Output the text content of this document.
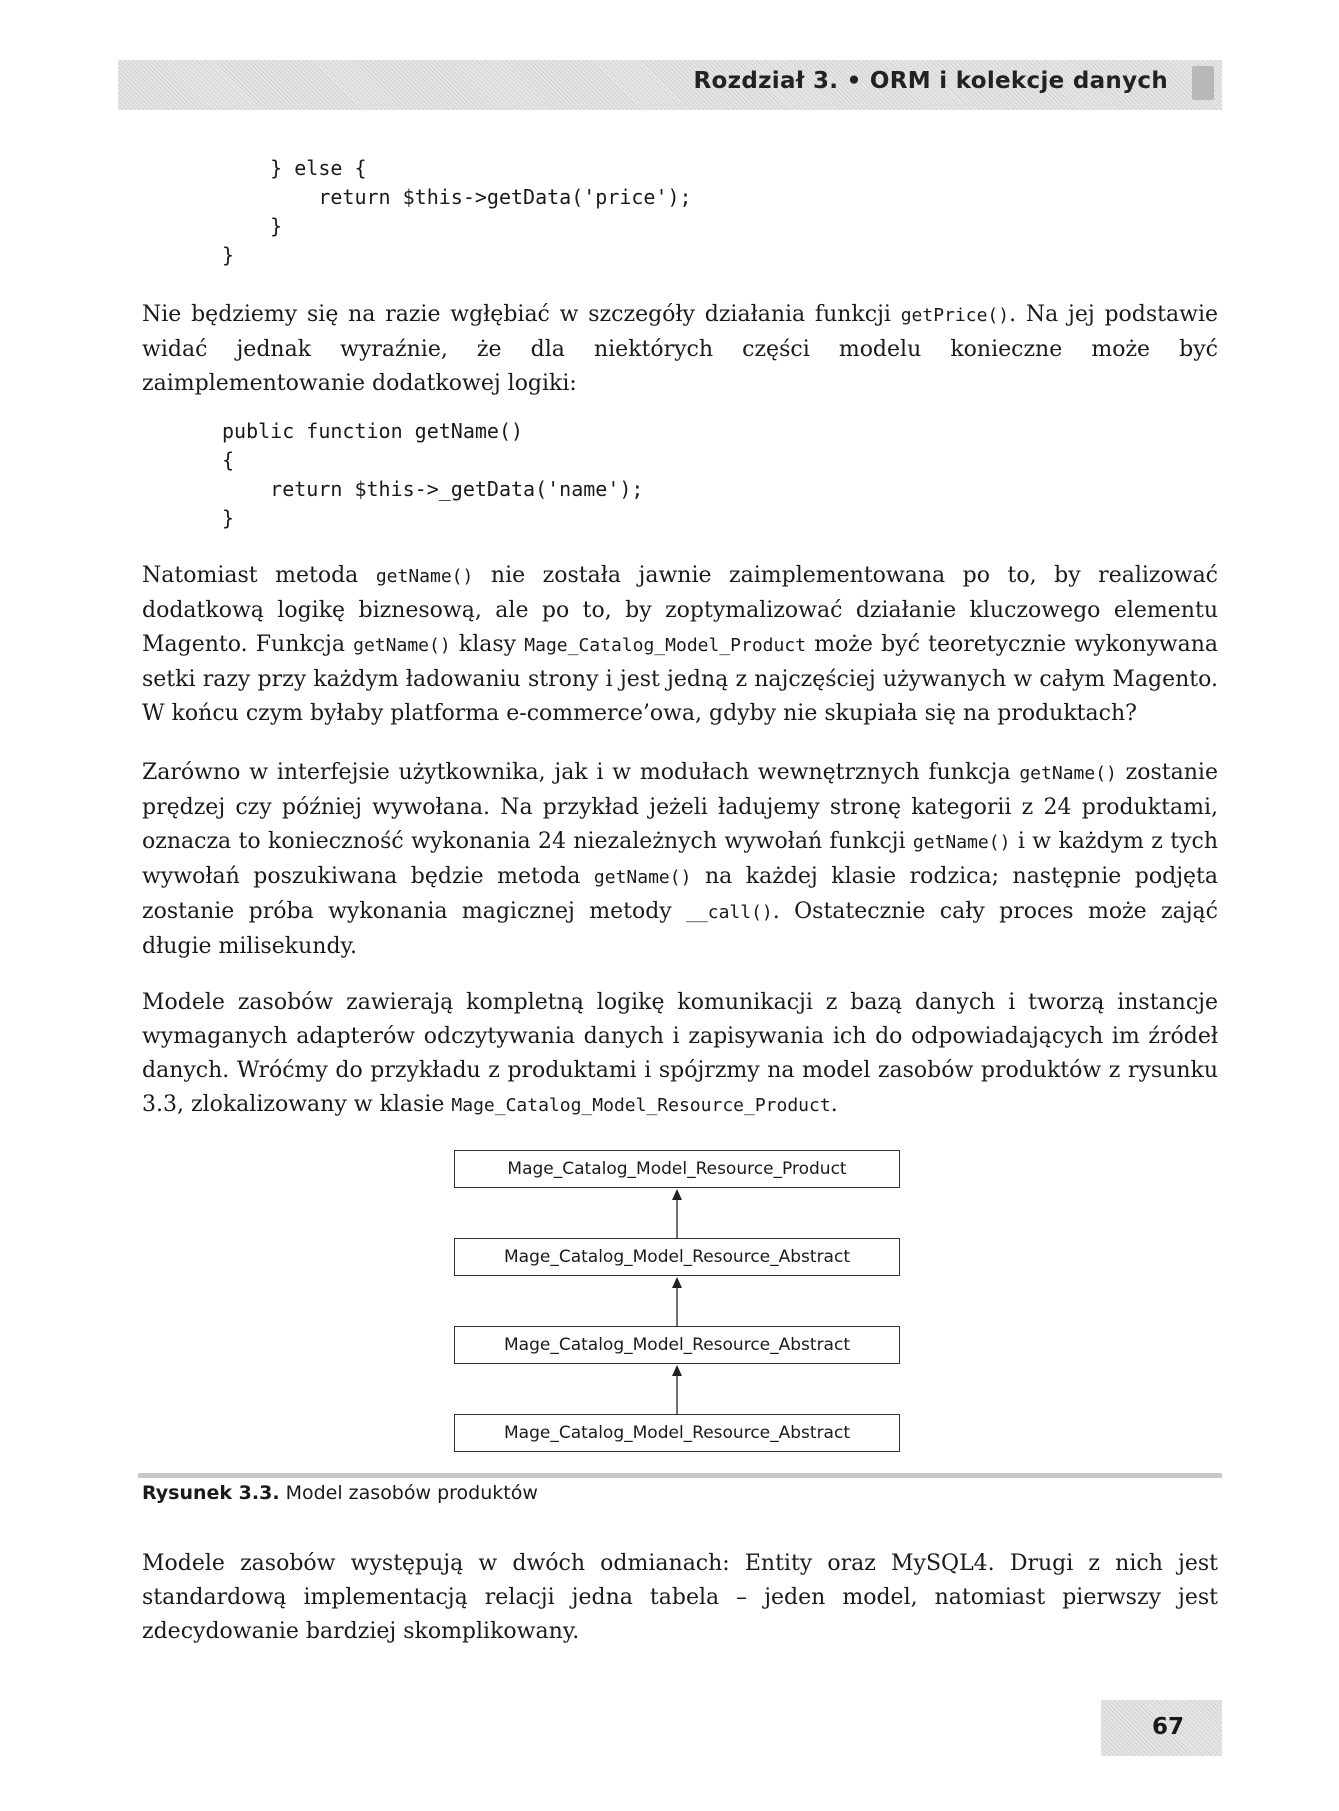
Rozdział 3. • ORM i kolekcje danych
} else {
return $this->getData('price');
}
}

Nie będziemy się na razie wgłębiać w szczegóły działania funkcji getPrice(). Na jej podstawie widać jednak wyraźnie, że dla niektórych części modelu konieczne może być zaimplementowanie dodatkowej logiki:

public function getName()
{
return $this->_getData('name');
}

Natomiast metoda getName() nie została jawnie zaimplementowana po to, by realizować dodatkową logikę biznesową, ale po to, by zoptymalizować działanie kluczowego elementu Magento. Funkcja getName() klasy Mage_Catalog_Model_Product może być teoretycznie wykonywana setki razy przy każdym ładowaniu strony i jest jedną z najczęściej używanych w całym Magento. W końcu czym byłaby platforma e-commerce’owa, gdyby nie skupiała się na produktach?

Zarówno w interfejsie użytkownika, jak i w modułach wewnętrznych funkcja getName() zostanie prędzej czy później wywołana. Na przykład jeżeli ładujemy stronę kategorii z 24 produktami, oznacza to konieczność wykonania 24 niezależnych wywołań funkcji getName() i w każdym z tych wywołań poszukiwana będzie metoda getName() na każdej klasie rodzica; następnie podjęta zostanie próba wykonania magicznej metody __call(). Ostatecznie cały proces może zająć długie milisekundy.

Modele zasobów zawierają kompletną logikę komunikacji z bazą danych i tworzą instancje wymaganych adapterów odczytywania danych i zapisywania ich do odpowiadających im źródeł danych. Wróćmy do przykładu z produktami i spójrzmy na model zasobów produktów z rysunku 3.3, zlokalizowany w klasie Mage_Catalog_Model_Resource_Product.

Mage_Catalog_Model_Resource_Product
Mage_Catalog_Model_Resource_Abstract
Mage_Catalog_Model_Resource_Abstract
Mage_Catalog_Model_Resource_Abstract
Rysunek 3.3. Model zasobów produktów

Modele zasobów występują w dwóch odmianach: Entity oraz MySQL4. Drugi z nich jest standardową implementacją relacji jedna tabela – jeden model, natomiast pierwszy jest zdecydowanie bardziej skomplikowany.

67
